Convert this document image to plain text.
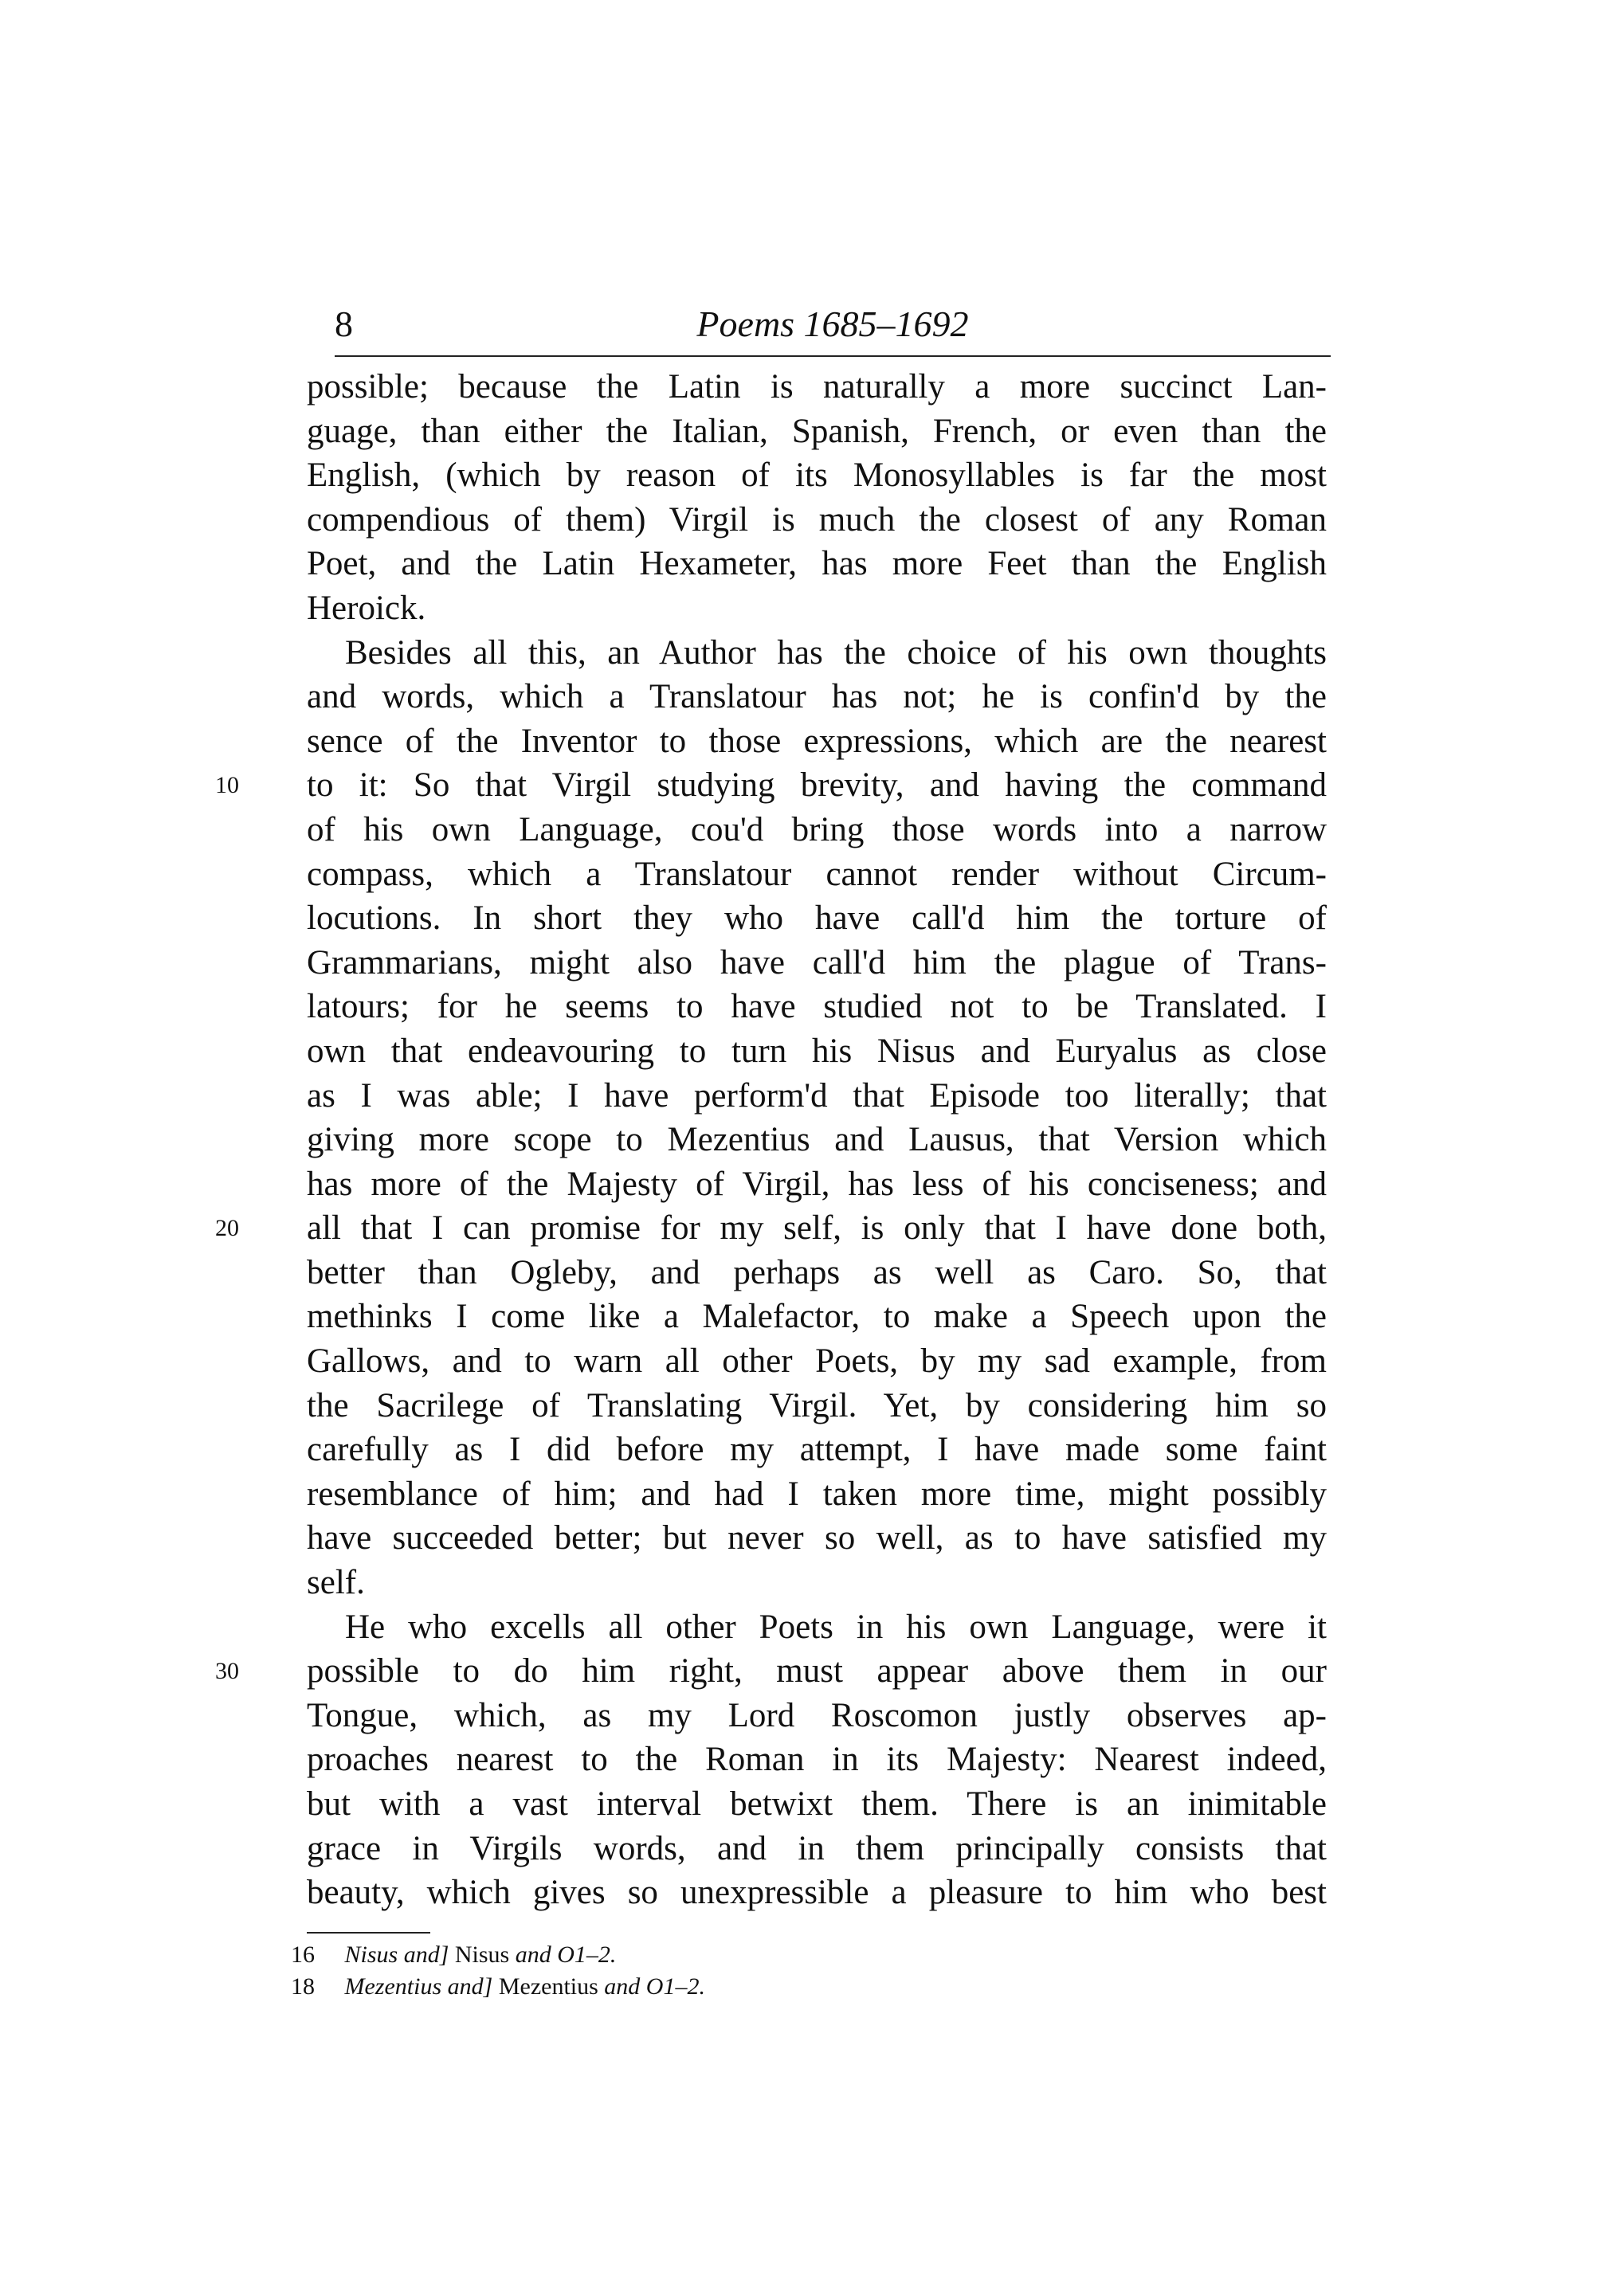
8	Poems 1685–1692
possible; because the Latin is naturally a more succinct Lan-
guage, than either the Italian, Spanish, French, or even than the
English, (which by reason of its Monosyllables is far the most
compendious of them) Virgil is much the closest of any Roman
Poet, and the Latin Hexameter, has more Feet than the English
Heroick.
Besides all this, an Author has the choice of his own thoughts
and words, which a Translatour has not; he is confin'd by the
sence of the Inventor to those expressions, which are the nearest
10	to it: So that Virgil studying brevity, and having the command
of his own Language, cou'd bring those words into a narrow
compass, which a Translatour cannot render without Circum-
locutions. In short they who have call'd him the torture of
Grammarians, might also have call'd him the plague of Trans-
latours; for he seems to have studied not to be Translated. I
own that endeavouring to turn his Nisus and Euryalus as close
as I was able; I have perform'd that Episode too literally; that
giving more scope to Mezentius and Lausus, that Version which
has more of the Majesty of Virgil, has less of his conciseness; and
20	all that I can promise for my self, is only that I have done both,
better than Ogleby, and perhaps as well as Caro. So, that
methinks I come like a Malefactor, to make a Speech upon the
Gallows, and to warn all other Poets, by my sad example, from
the Sacrilege of Translating Virgil. Yet, by considering him so
carefully as I did before my attempt, I have made some faint
resemblance of him; and had I taken more time, might possibly
have succeeded better; but never so well, as to have satisfied my
self.
He who excells all other Poets in his own Language, were it
30	possible to do him right, must appear above them in our
Tongue, which, as my Lord Roscomon justly observes ap-
proaches nearest to the Roman in its Majesty: Nearest indeed,
but with a vast interval betwixt them. There is an inimitable
grace in Virgils words, and in them principally consists that
beauty, which gives so unexpressible a pleasure to him who best
16 Nisus and] Nisus and O1–2.
18 Mezentius and] Mezentius and O1–2.
